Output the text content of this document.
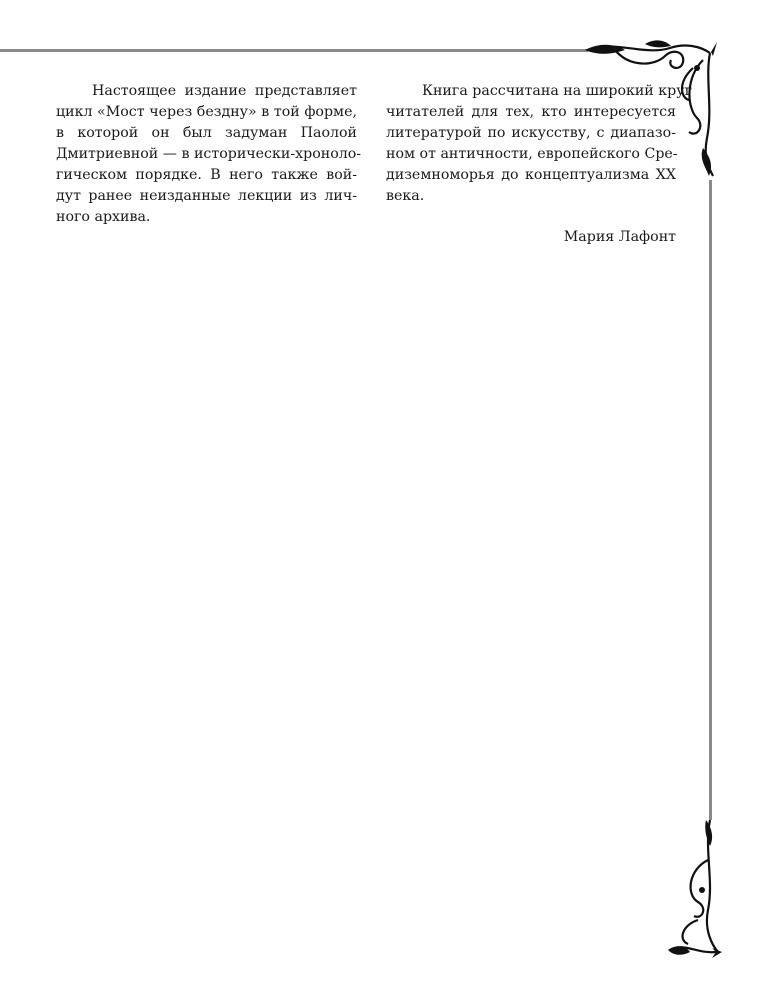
Настоящее издание представляет
цикл «Мост через бездну» в той форме,
в которой он был задуман Паолой
Дмитриевной — в исторически-хроноло-
гическом порядке. В него также вой-
дут ранее неизданные лекции из лич-
ного архива.
Книга рассчитана на широкий круг
читателей для тех, кто интересуется
литературой по искусству, с диапазо-
ном от античности, европейского Сре-
диземноморья до концептуализма XX
века.
Мария Лафонт
